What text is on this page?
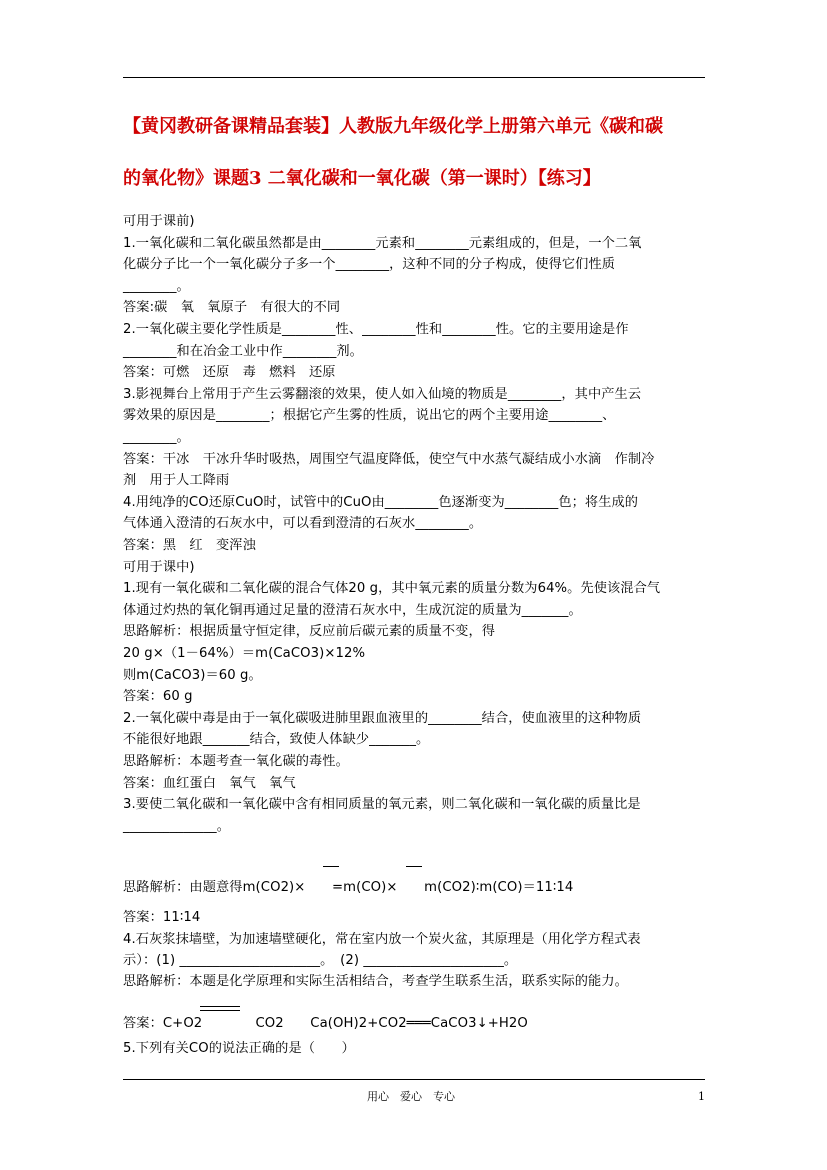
【黄冈教研备课精品套装】人教版九年级化学上册第六单元《碳和碳
的氧化物》课题3 二氧化碳和一氧化碳（第一课时）【练习】
可用于课前)
1.一氧化碳和二氧化碳虽然都是由________元素和________元素组成的，但是，一个二氧
化碳分子比一个一氧化碳分子多一个________，这种不同的分子构成，使得它们性质
________。
答案:碳　氧　氧原子　有很大的不同
2.一氧化碳主要化学性质是________性、________性和________性。它的主要用途是作
________和在冶金工业中作________剂。
答案：可燃　还原　毒　燃料　还原
3.影视舞台上常用于产生云雾翻滚的效果，使人如入仙境的物质是________，其中产生云
雾效果的原因是________；根据它产生雾的性质，说出它的两个主要用途________、
________。
答案：干冰　干冰升华时吸热，周围空气温度降低，使空气中水蒸气凝结成小水滴　作制冷
剂　用于人工降雨
4.用纯净的CO还原CuO时，试管中的CuO由________色逐渐变为________色；将生成的
气体通入澄清的石灰水中，可以看到澄清的石灰水________。
答案：黑　红　变浑浊
可用于课中)
1.现有一氧化碳和二氧化碳的混合气体20 g，其中氧元素的质量分数为64%。先使该混合气
体通过灼热的氧化铜再通过足量的澄清石灰水中，生成沉淀的质量为_______。
思路解析：根据质量守恒定律，反应前后碳元素的质量不变，得
20 g×（1－64%）＝m(CaCO3)×12%
则m(CaCO3)＝60 g。
答案：60 g
2.一氧化碳中毒是由于一氧化碳吸进肺里跟血液里的________结合，使血液里的这种物质
不能很好地跟_______结合，致使人体缺少_______。
思路解析：本题考查一氧化碳的毒性。
答案：血红蛋白　氧气　氧气
3.要使二氧化碳和一氧化碳中含有相同质量的氧元素，则二氧化碳和一氧化碳的质量比是
______________。
思路解析：由题意得m(CO2)×　　=m(CO)×　　m(CO2)∶m(CO)＝11∶14
答案：11∶14
4.石灰浆抹墙壁，为加速墙壁硬化，常在室内放一个炭火盆，其原理是（用化学方程式表
示）：(1) _____________________。　(2) _____________________。
思路解析：本题是化学原理和实际生活相结合，考查学生联系生活，联系实际的能力。
答案：C+O2　　　　CO2　　Ca(OH)2+CO2═══CaCO3↓+H2O
5.下列有关CO的说法正确的是（　　）
用心　爱心　专心	1
